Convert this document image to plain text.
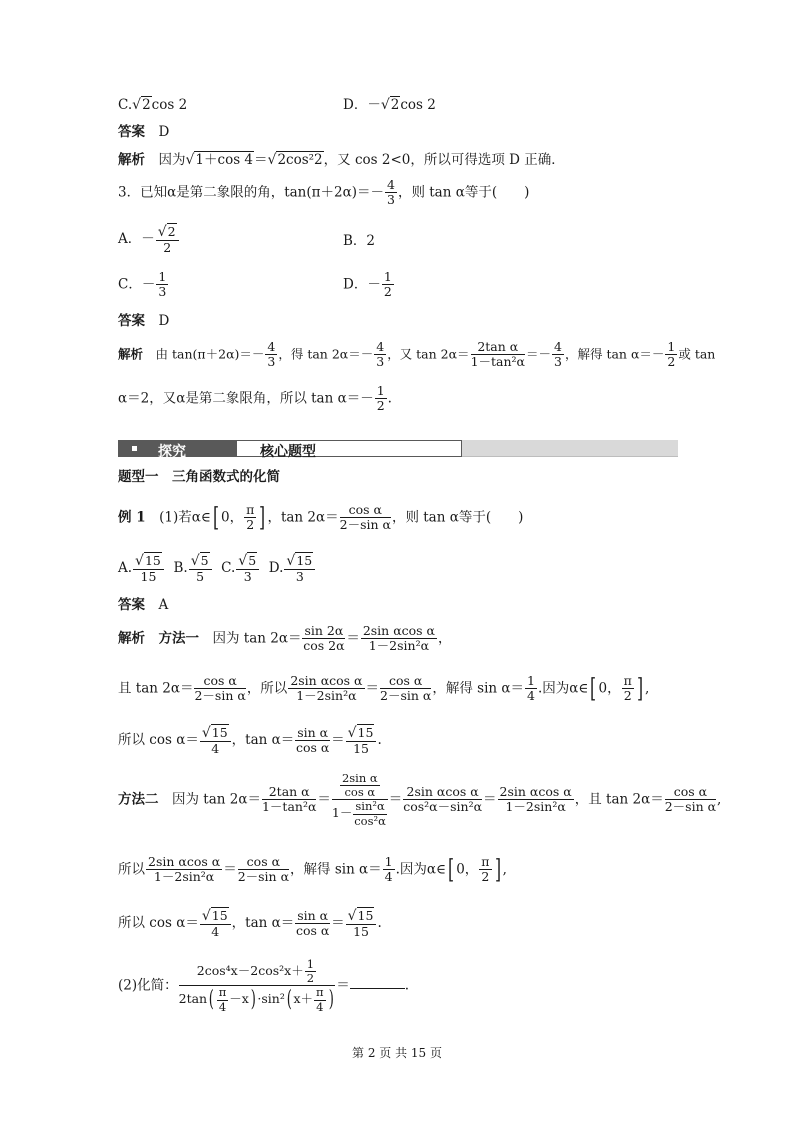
C.√2cos 2	D．－√2cos 2
答案　 D
解析　 因为√1＋cos 4＝√2cos²2，又 cos 2<0，所以可得选项 D 正确．
3．已知α是第二象限的角，$\tan(\pi+2\alpha)=- \frac{4}{3}$ ，则 tan α等于(　　)
A．－ $\frac{√2}{2}$	B．2
C．－ $\frac{1}{3}$	D．－ $\frac{1}{2}$
答案　 D
解析　 由 $\tan(\pi+2\alpha)=- \frac{4}{3}$ ，得 $\tan 2\alpha=- \frac{4}{3}$ ，又 $\tan 2\alpha= \frac{\text{2tan α}}{\text{1－tan²α}} =- \frac{4}{3}$ ，解得 $\tan \alpha=- \frac{1}{2}$ 或 tan
α＝2，又α是第二象限角，所以 $\tan \alpha=- \frac{1}{2}$ .
探究	核心题型
题型一　三角函数式的化简
例 1　 (1)若α∈[ 0， $\frac{\pi}{2}$ ] ，$\tan 2\alpha= \frac{\text{cos α}}{\text{2－sin α}}$ ，则 tan α等于(　　)
A. $\frac{√15}{15} B$. $\frac{√5}{5} C$. $\frac{√5}{3} D$. $\frac{√15}{3}$
答案　 A
解析　 方法一　 因为 $\tan 2\alpha= \frac{\sin 2\alpha}{\cos 2\alpha} = \frac{\text{2sin αcos α}}{\text{1－2sin²α}}$ ，
且 $\tan 2\alpha= \frac{\text{cos α}}{\text{2－sin α}}$ ，所以 $\frac{\text{2sin αcos α}}{\text{1－2sin²α}} = \frac{\text{cos α}}{\text{2－sin α}}$ ，解得 $\sin \alpha= \frac{1}{4}$ .因为α∈[ 0， $\frac{\pi}{2}$ ] ,
所以 $\cos \alpha= \frac{√15}{4}$ ，$\tan \alpha= \frac{\text{sin α}}{\text{cos α}} = \frac{√15}{15}$ .
方法二　 因为 $\tan 2\alpha= \frac{\text{2tan α}}{\text{1－tan²α}} = \frac{\frac{\text{2sin α}}{\text{cos α}}}{1- \frac{\text{sin²α}}{\text{cos²α}}} = \frac{\text{2sin αcos α}}{\text{cos²α－sin²α}} = \frac{\text{2sin αcos α}}{\text{1－2sin²α}}$ ，且 $\tan 2\alpha= \frac{\text{cos α}}{\text{2－sin α}}$ ,
所以 $\frac{\text{2sin αcos α}}{\text{1－2sin²α}} = \frac{\text{cos α}}{\text{2－sin α}}$ ，解得 $\sin \alpha= \frac{1}{4}$ .因为α∈[ 0， $\frac{\pi}{2}$ ] ,
所以 $\cos \alpha= \frac{√15}{4}$ ，$\tan \alpha= \frac{\text{sin α}}{\text{cos α}} = \frac{√15}{15}$ .
(2)化简： $\frac{2\cos^4x-2\cos^2x+ \frac{1}{2}}{2\tan( \frac{\pi}{4} -x) \cdot\sin^2( x+ \frac{\pi}{4} )}$ ＝	.
第 2 页 共 15 页
